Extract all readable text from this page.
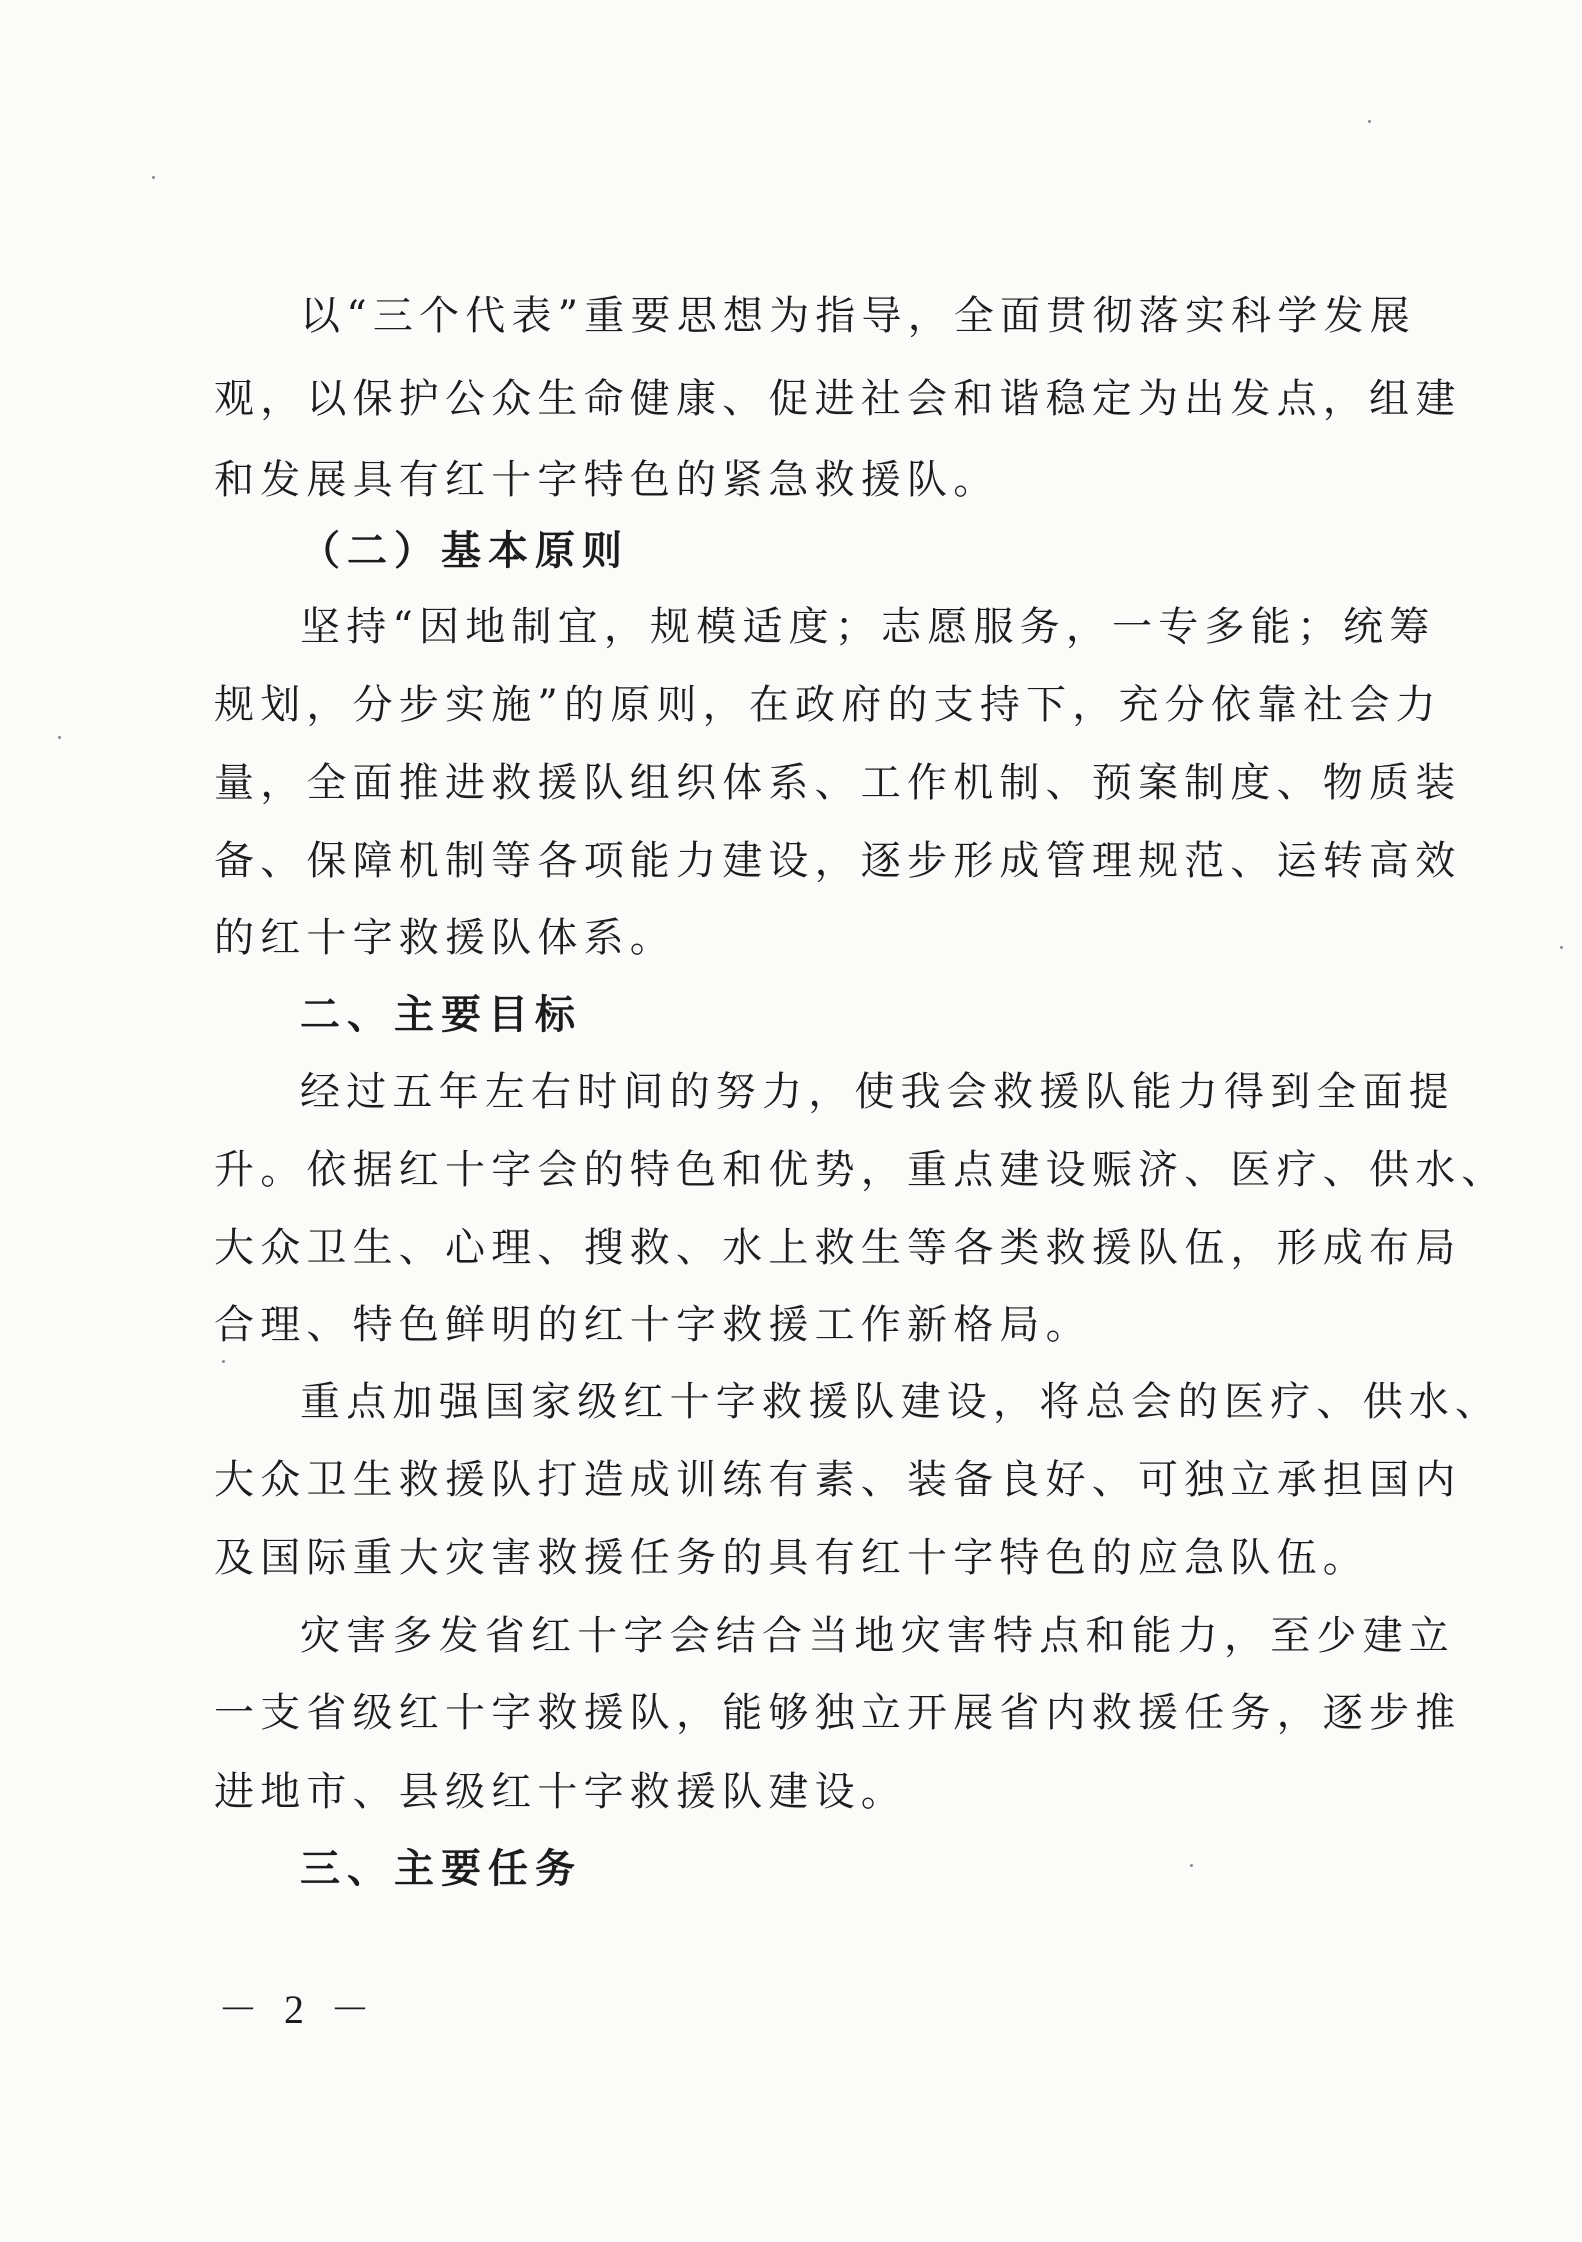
以“三个代表”重要思想为指导，全面贯彻落实科学发展
观，以保护公众生命健康、促进社会和谐稳定为出发点，组建
和发展具有红十字特色的紧急救援队。
（二）基本原则
坚持“因地制宜，规模适度；志愿服务，一专多能；统筹
规划，分步实施”的原则，在政府的支持下，充分依靠社会力
量，全面推进救援队组织体系、工作机制、预案制度、物质装
备、保障机制等各项能力建设，逐步形成管理规范、运转高效
的红十字救援队体系。
二、主要目标
经过五年左右时间的努力，使我会救援队能力得到全面提
升。依据红十字会的特色和优势，重点建设赈济、医疗、供水、
大众卫生、心理、搜救、水上救生等各类救援队伍，形成布局
合理、特色鲜明的红十字救援工作新格局。
重点加强国家级红十字救援队建设，将总会的医疗、供水、
大众卫生救援队打造成训练有素、装备良好、可独立承担国内
及国际重大灾害救援任务的具有红十字特色的应急队伍。
灾害多发省红十字会结合当地灾害特点和能力，至少建立
一支省级红十字救援队，能够独立开展省内救援任务，逐步推
进地市、县级红十字救援队建设。
三、主要任务
－ 2 －
